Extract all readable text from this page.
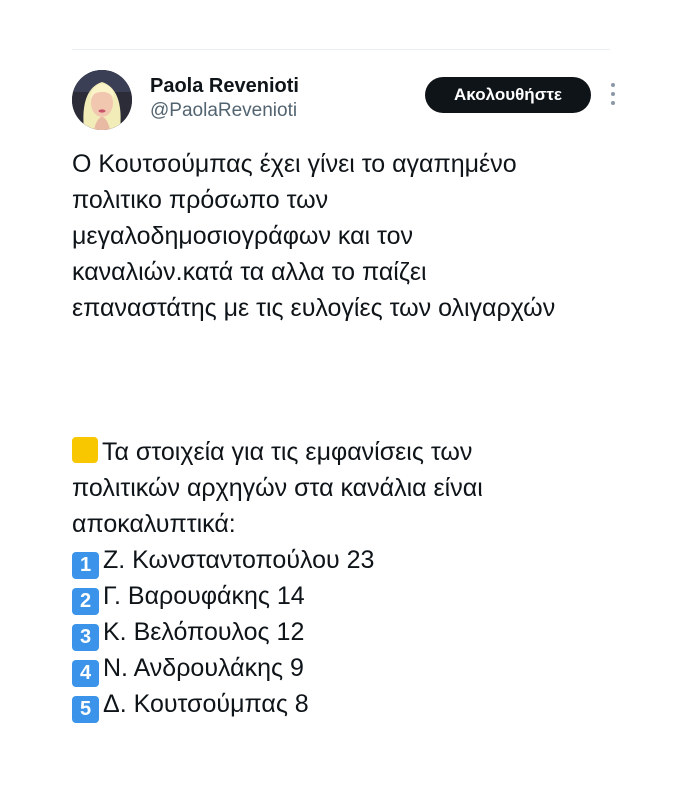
Paola Revenioti
@PaolaRevenioti
Ακολουθήστε

Ο Κουτσούμπας έχει γίνει το αγαπημένο πολιτικο πρόσωπο των μεγαλοδημοσιογράφων και τον καναλιών.κατά τα αλλα το παίζει επαναστάτης με τις ευλογίες των ολιγαρχών

Τα στοιχεία για τις εμφανίσεις των πολιτικών αρχηγών στα κανάλια είναι αποκαλυπτικά:

1 Ζ. Κωνσταντοπούλου 23
2 Γ. Βαρουφάκης 14
3 Κ. Βελόπουλος 12
4 Ν. Ανδρουλάκης 9
5 Δ. Κουτσούμπας 8
